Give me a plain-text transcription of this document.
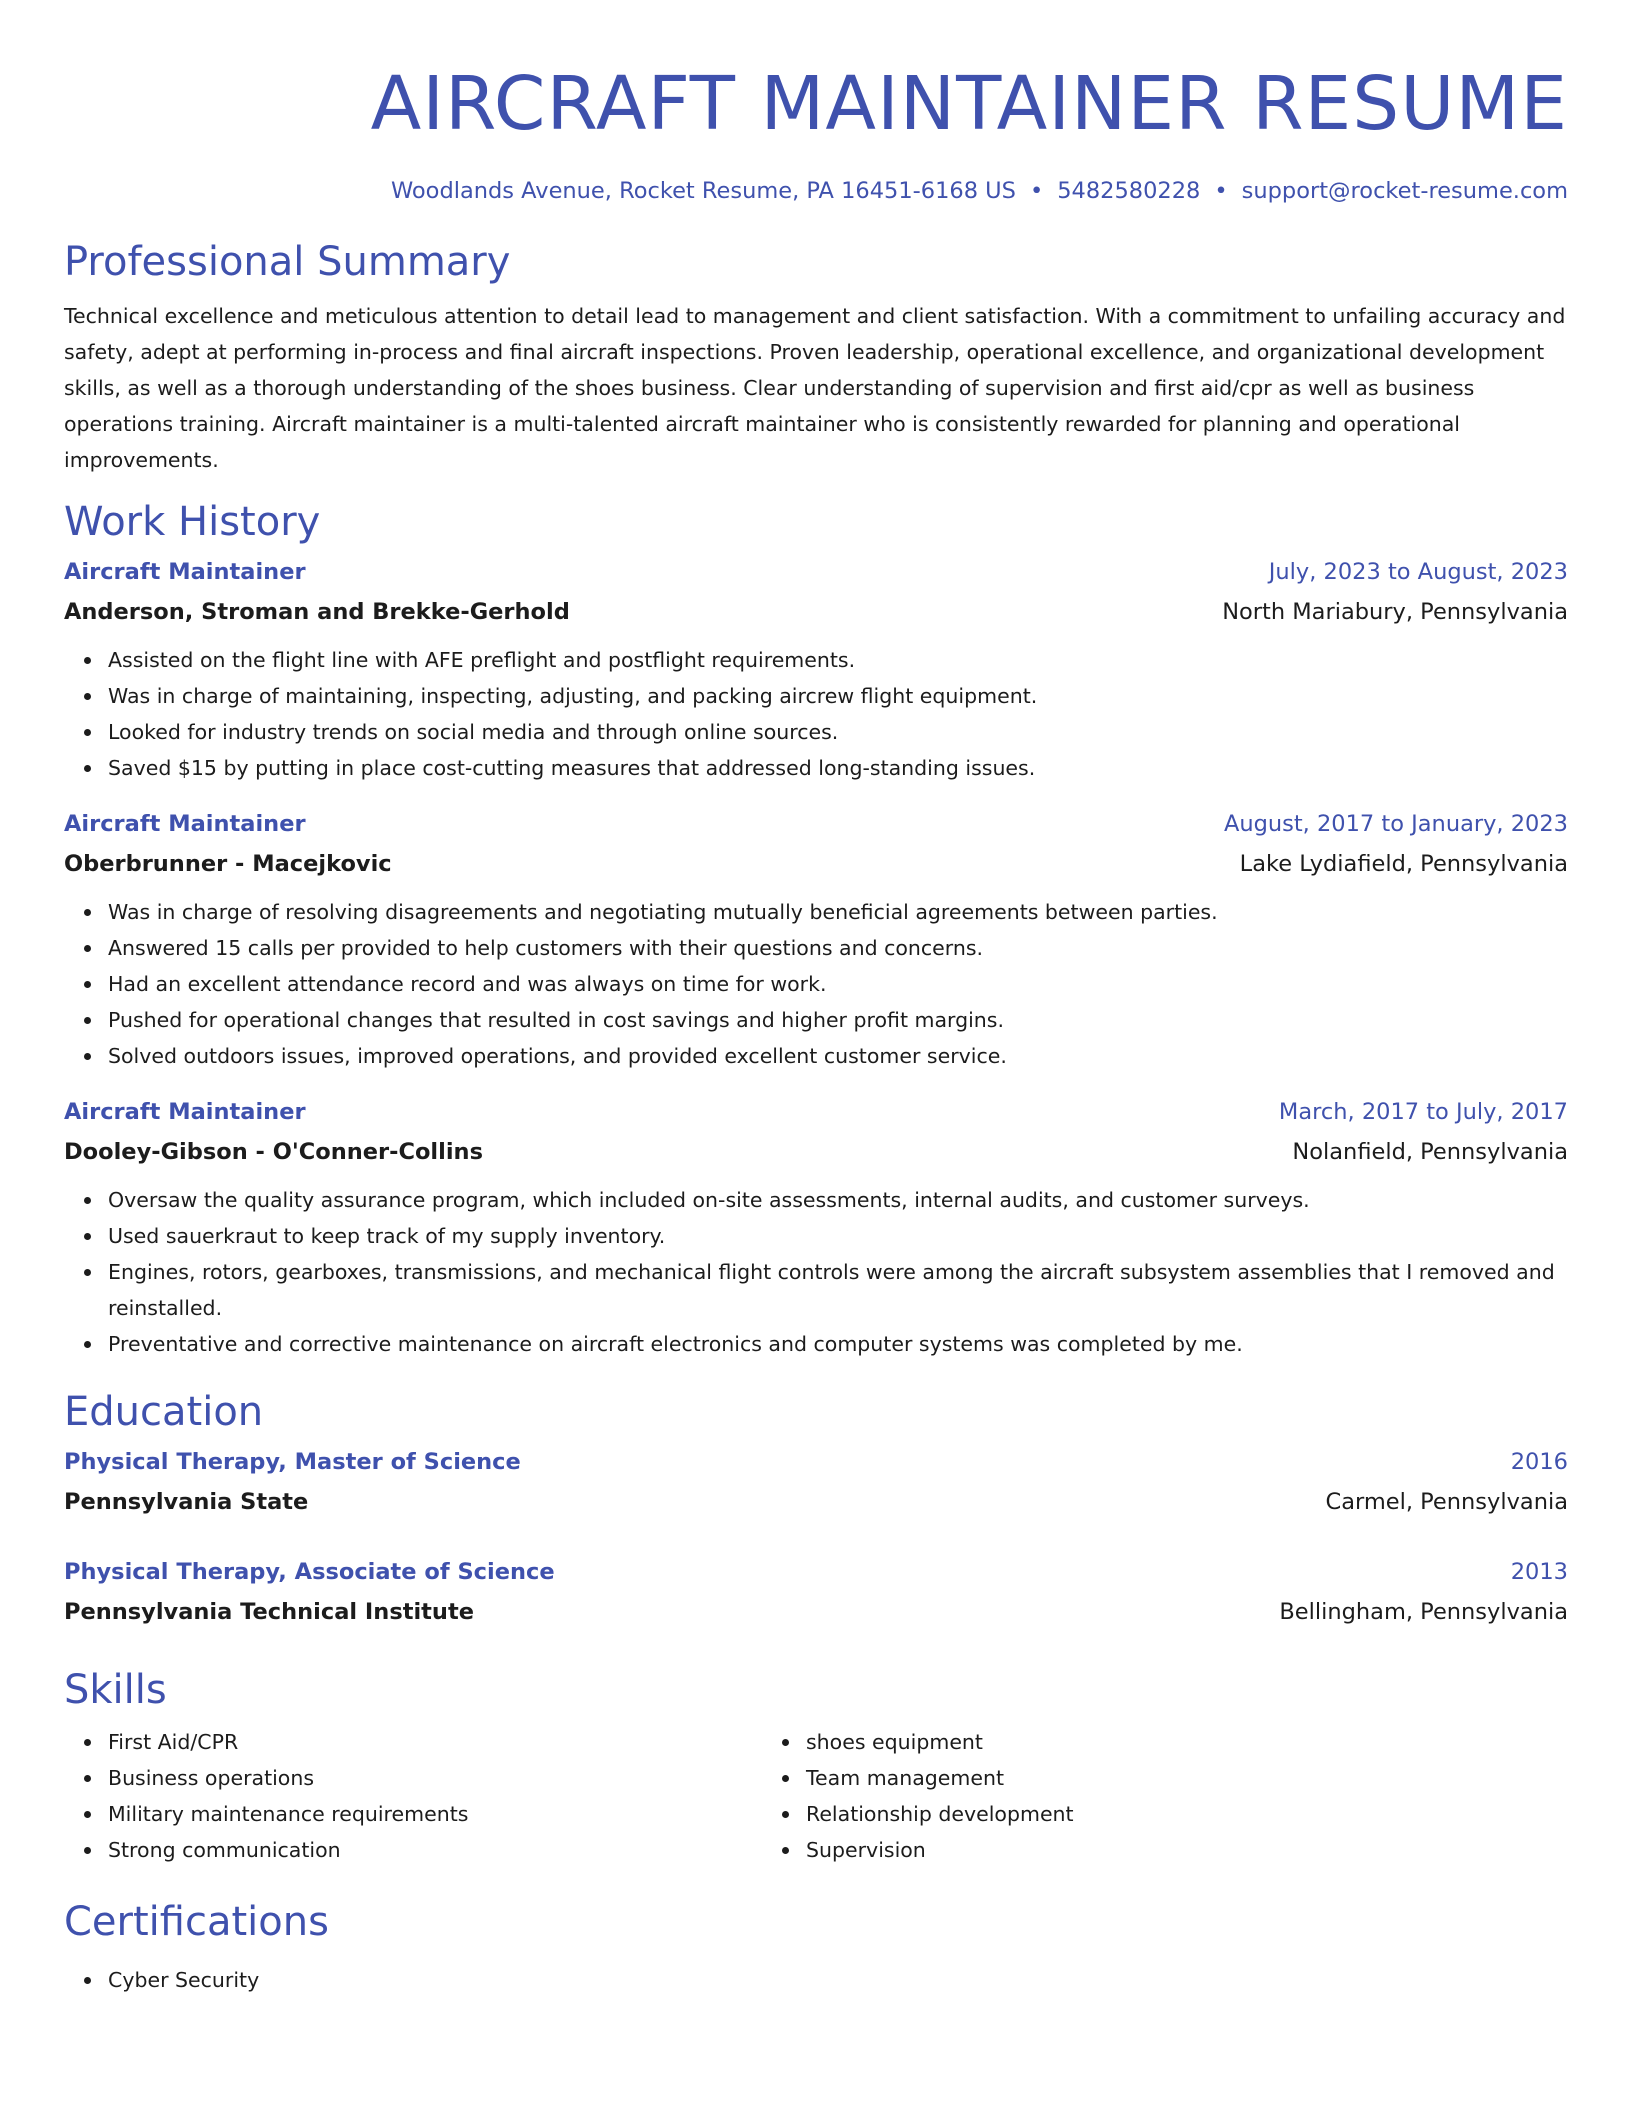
AIRCRAFT MAINTAINER RESUME
Woodlands Avenue, Rocket Resume, PA 16451-6168 US • 5482580228 • support@rocket-resume.com
Professional Summary

Technical excellence and meticulous attention to detail lead to management and client satisfaction. With a commitment to unfailing accuracy and safety, adept at performing in-process and final aircraft inspections. Proven leadership, operational excellence, and organizational development skills, as well as a thorough understanding of the shoes business. Clear understanding of supervision and first aid/cpr as well as business operations training. Aircraft maintainer is a multi-talented aircraft maintainer who is consistently rewarded for planning and operational improvements.

Work History
Aircraft Maintainer	July, 2023 to August, 2023
Anderson, Stroman and Brekke-Gerhold	North Mariabury, Pennsylvania
Assisted on the flight line with AFE preflight and postflight requirements.
Was in charge of maintaining, inspecting, adjusting, and packing aircrew flight equipment.
Looked for industry trends on social media and through online sources.
Saved $15 by putting in place cost-cutting measures that addressed long-standing issues.
Aircraft Maintainer	August, 2017 to January, 2023
Oberbrunner - Macejkovic	Lake Lydiafield, Pennsylvania
Was in charge of resolving disagreements and negotiating mutually beneficial agreements between parties.
Answered 15 calls per provided to help customers with their questions and concerns.
Had an excellent attendance record and was always on time for work.
Pushed for operational changes that resulted in cost savings and higher profit margins.
Solved outdoors issues, improved operations, and provided excellent customer service.
Aircraft Maintainer	March, 2017 to July, 2017
Dooley-Gibson - O'Conner-Collins	Nolanfield, Pennsylvania
Oversaw the quality assurance program, which included on-site assessments, internal audits, and customer surveys.
Used sauerkraut to keep track of my supply inventory.
Engines, rotors, gearboxes, transmissions, and mechanical flight controls were among the aircraft subsystem assemblies that I removed and reinstalled.
Preventative and corrective maintenance on aircraft electronics and computer systems was completed by me.
Education
Physical Therapy, Master of Science	2016
Pennsylvania State	Carmel, Pennsylvania
Physical Therapy, Associate of Science	2013
Pennsylvania Technical Institute	Bellingham, Pennsylvania
Skills
First Aid/CPR
Business operations
Military maintenance requirements
Strong communication
shoes equipment
Team management
Relationship development
Supervision
Certifications
Cyber Security
